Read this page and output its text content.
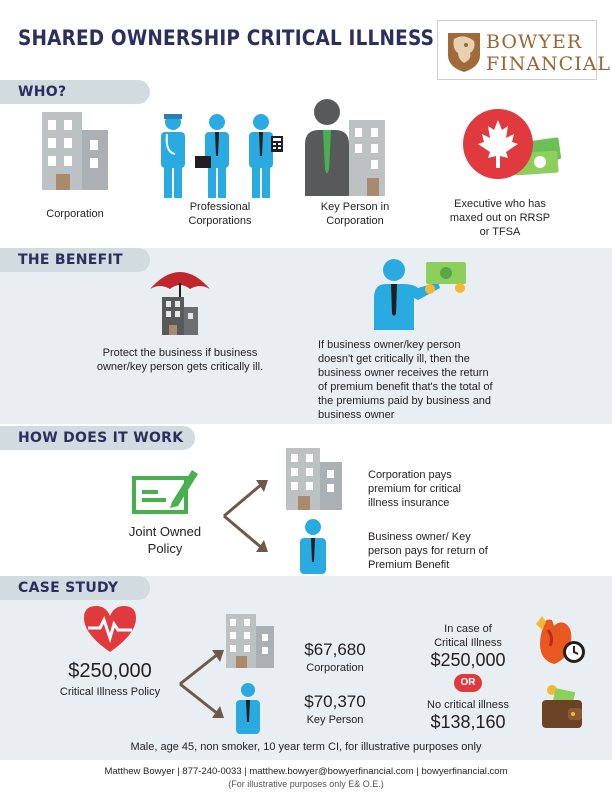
SHARED OWNERSHIP CRITICAL ILLNESS	BOWYER
FINANCIAL
WHO?
Corporation
Professional
Corporations
Key Person in
Corporation
Executive who has
maxed out on RRSP
or TFSA
THE BENEFIT
Protect the business if business
owner/key person gets critically ill.
If business owner/key person
doesn't get critically ill, then the
business owner receives the return
of premium benefit that's the total of
the premiums paid by business and
business owner
HOW DOES IT WORK
Joint Owned
Policy
Corporation pays
premium for critical
illness insurance
Business owner/ Key
person pays for return of
Premium Benefit
CASE STUDY
$250,000
Critical Illness Policy
$67,680
Corporation
$70,370
Key Person
In case of
Critical Illness
$250,000
OR
No critical illness
$138,160
Male, age 45, non smoker, 10 year term CI, for illustrative purposes only
Matthew Bowyer | 877-240-0033 | matthew.bowyer@bowyerfinancial.com | bowyerfinancial.com
(For illustrative purposes only E& O.E.)
